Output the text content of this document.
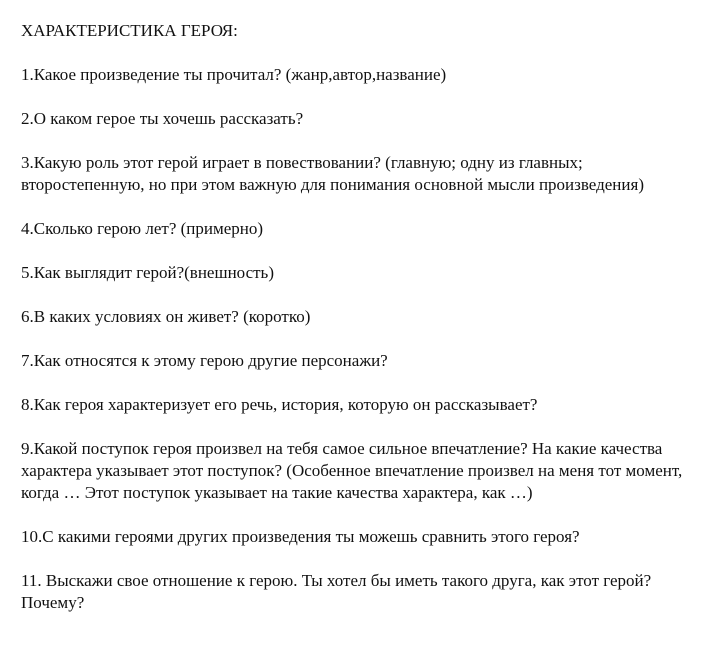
ХАРАКТЕРИСТИКА ГЕРОЯ:
1.Какое произведение ты прочитал? (жанр,автор,название)
2.О каком герое ты хочешь рассказать?
3.Какую роль этот герой играет в повествовании? (главную; одну из главных; второстепенную, но при этом важную для понимания основной мысли произведения)
4.Сколько герою лет? (примерно)
5.Как выглядит герой?(внешность)
6.В каких условиях он живет? (коротко)
7.Как относятся к этому герою другие персонажи?
8.Как героя характеризует его речь, история, которую он рассказывает?
9.Какой поступок героя произвел на тебя самое сильное впечатление? На какие качества характера указывает этот поступок? (Особенное впечатление произвел на меня тот момент, когда … Этот поступок указывает на такие качества характера, как …)
10.С какими героями других произведения ты можешь сравнить этого героя?
11. Выскажи свое отношение к герою. Ты хотел бы иметь такого друга, как этот герой? Почему?
